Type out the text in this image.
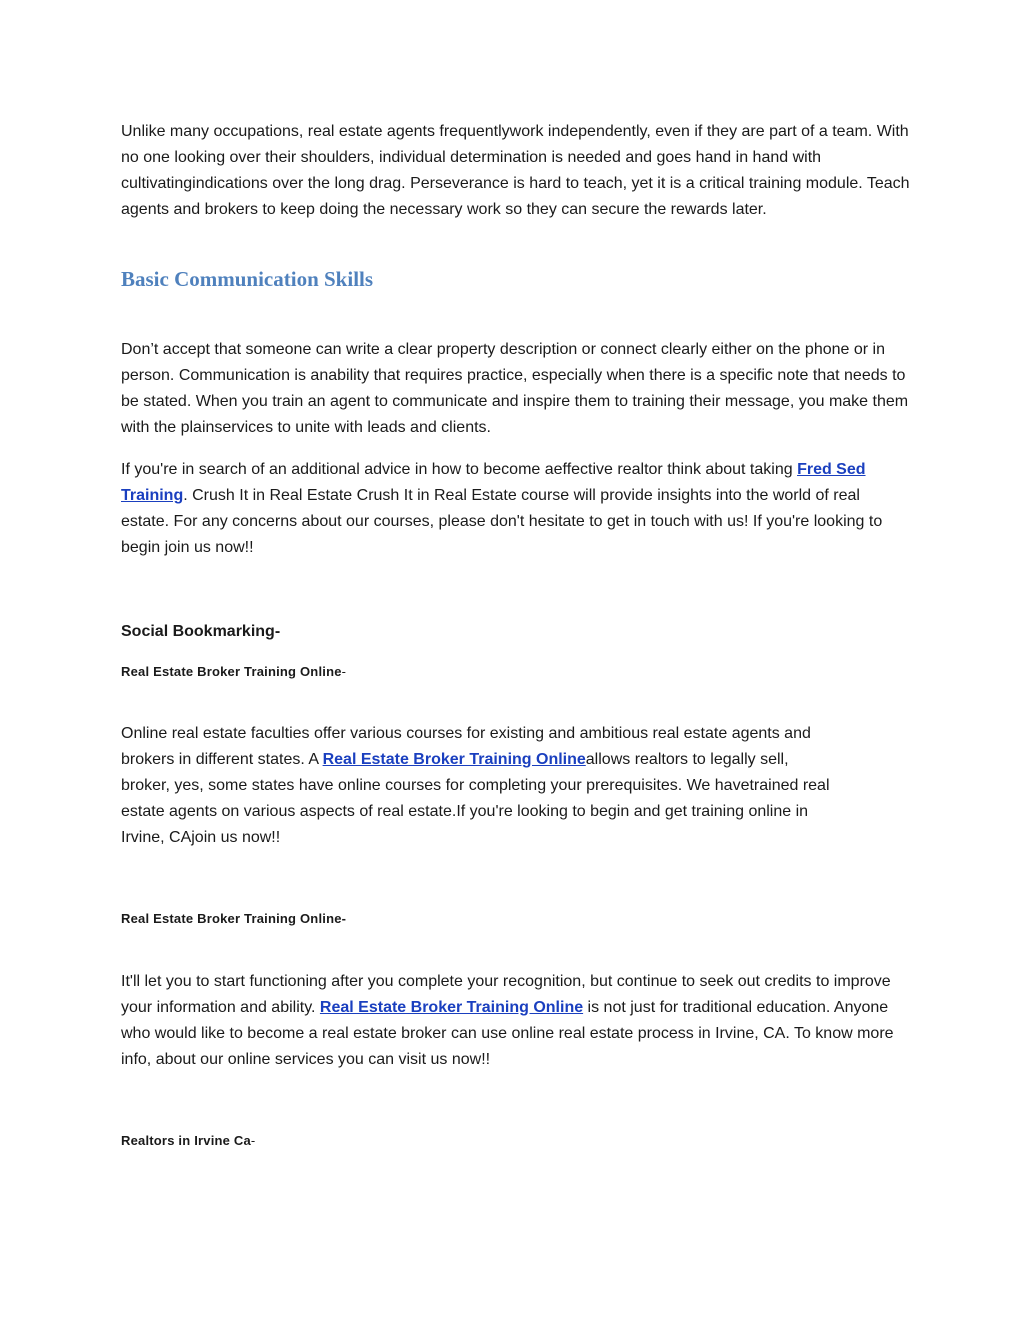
Unlike many occupations, real estate agents frequentlywork independently, even if they are part of a team. With no one looking over their shoulders, individual determination is needed and goes hand in hand with cultivatingindications over the long drag. Perseverance is hard to teach, yet it is a critical training module. Teach agents and brokers to keep doing the necessary work so they can secure the rewards later.

Basic Communication Skills

Don’t accept that someone can write a clear property description or connect clearly either on the phone or in person. Communication is anability that requires practice, especially when there is a specific note that needs to be stated. When you train an agent to communicate and inspire them to training their message, you make them with the plainservices to unite with leads and clients.

If you're in search of an additional advice in how to become aeffective realtor think about taking Fred Sed Training. Crush It in Real Estate Crush It in Real Estate course will provide insights into the world of real estate. For any concerns about our courses, please don't hesitate to get in touch with us! If you're looking to begin join us now!!

Social Bookmarking-

Real Estate Broker Training Online-

Online real estate faculties offer various courses for existing and ambitious real estate agents and brokers in different states. A Real Estate Broker Training Onlineallows realtors to legally sell, broker, yes, some states have online courses for completing your prerequisites. We havetrained real estate agents on various aspects of real estate.If you're looking to begin and get training online in Irvine, CAjoin us now!!

Real Estate Broker Training Online-

It'll let you to start functioning after you complete your recognition, but continue to seek out credits to improve your information and ability. Real Estate Broker Training Online is not just for traditional education. Anyone who would like to become a real estate broker can use online real estate process in Irvine, CA. To know more info, about our online services you can visit us now!!

Realtors in Irvine Ca-
